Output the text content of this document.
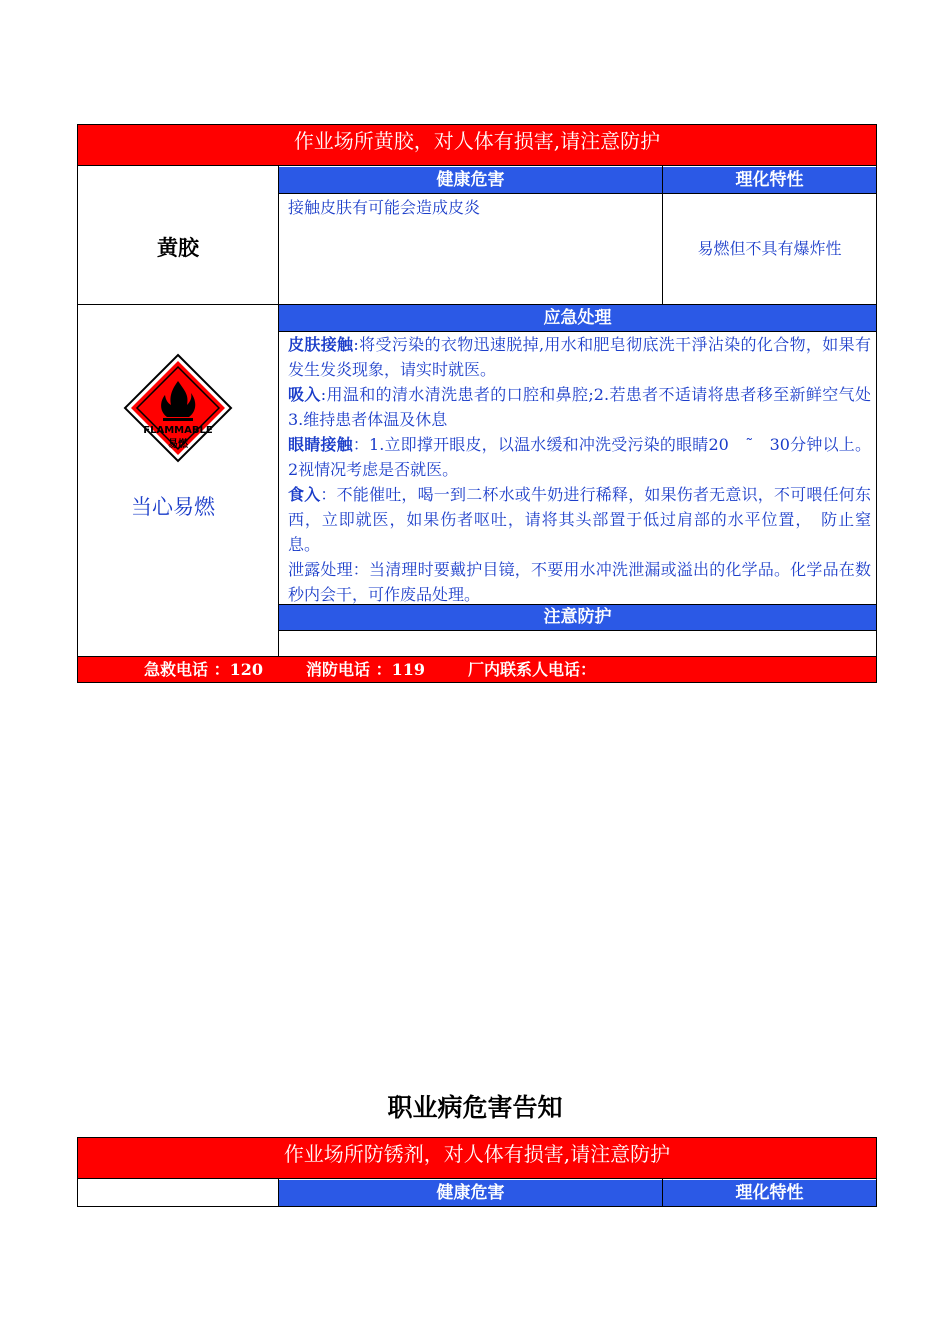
作业场所黄胶，对人体有损害,请注意防护
黄胶
健康危害	理化特性
接触皮肤有可能会造成皮炎
易燃但不具有爆炸性
FLAMMABLE
易燃
当心易燃
应急处理
皮肤接触:将受污染的衣物迅速脱掉,用水和肥皂彻底洗干淨沾染的化合物，如果有发生发炎现象，请实时就医。
吸入:用温和的清水清洗患者的口腔和鼻腔;2.若患者不适请将患者移至新鲜空气处3.维持患者体温及休息
眼睛接触：1.立即撑开眼皮，以温水缓和冲洗受污染的眼睛20　˜　30分钟以上。2视情况考虑是否就医。
食入：不能催吐，喝一到二杯水或牛奶进行稀释，如果伤者无意识，不可喂任何东西，立即就医，如果伤者呕吐，请将其头部置于低过肩部的水平位置，　防止窒息。
泄露处理：当清理时要戴护目镜，不要用水冲洗泄漏或溢出的化学品。化学品在数秒内会干，可作废品处理。
注意防护
急救电话 ：120	消防电话 ：119	厂内联系人电话：
职业病危害告知
作业场所防锈剂，对人体有损害,请注意防护
健康危害	理化特性
